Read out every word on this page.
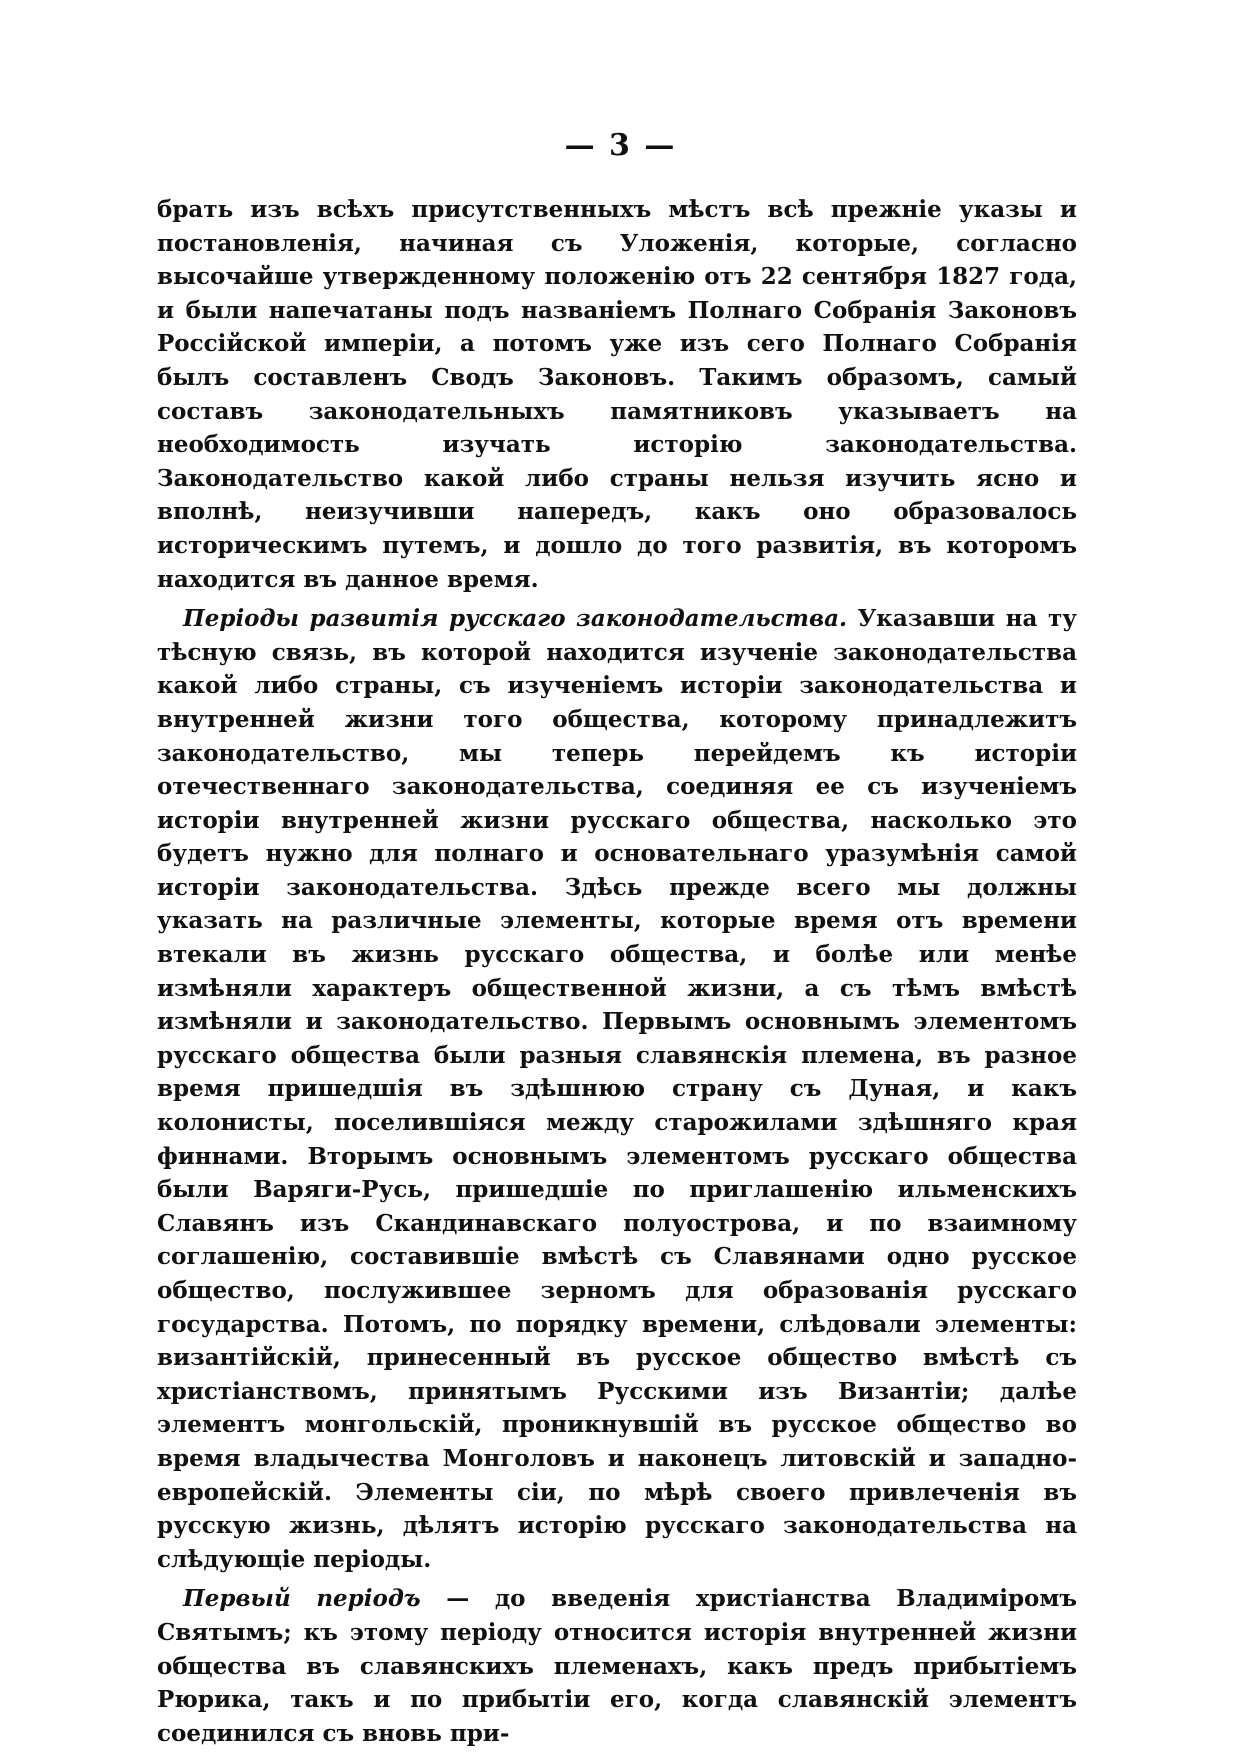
— 3 —

брать изъ всѣхъ присутственныхъ мѣстъ всѣ прежніе указы и постановленія, начиная съ Уложенія, которые, согласно высочайше утвержденному положенію отъ 22 сентября 1827 года, и были напечатаны подъ названіемъ Полнаго Собранія Законовъ Россійской имперіи, а потомъ уже изъ сего Полнаго Собранія былъ составленъ Сводъ Законовъ. Такимъ образомъ, самый составъ законодательныхъ памятниковъ указываетъ на необходимость изучать исторію законодательства. Законодательство какой либо страны нельзя изучить ясно и вполнѣ, неизучивши напередъ, какъ оно образовалось историческимъ путемъ, и дошло до того развитія, въ которомъ находится въ данное время.

Періоды развитія русскаго законодательства. Указавши на ту тѣсную связь, въ которой находится изученіе законодательства какой либо страны, съ изученіемъ исторіи законодательства и внутренней жизни того общества, которому принадлежитъ законодательство, мы теперь перейдемъ къ исторіи отечественнаго законодательства, соединяя ее съ изученіемъ исторіи внутренней жизни русскаго общества, насколько это будетъ нужно для полнаго и основательнаго уразумѣнія самой исторіи законодательства. Здѣсь прежде всего мы должны указать на различные элементы, которые время отъ времени втекали въ жизнь русскаго общества, и болѣе или менѣе измѣняли характеръ общественной жизни, а съ тѣмъ вмѣстѣ измѣняли и законодательство. Первымъ основнымъ элементомъ русскаго общества были разныя славянскія племена, въ разное время пришедшія въ здѣшнюю страну съ Дуная, и какъ колонисты, поселившіяся между старожилами здѣшняго края финнами. Вторымъ основнымъ элементомъ русскаго общества были Варяги-Русь, пришедшіе по приглашенію ильменскихъ Славянъ изъ Скандинавскаго полуострова, и по взаимному соглашенію, составившіе вмѣстѣ съ Славянами одно русское общество, послужившее зерномъ для образованія русскаго государства. Потомъ, по порядку времени, слѣдовали элементы: византійскій, принесенный въ русское общество вмѣстѣ съ христіанствомъ, принятымъ Русскими изъ Византіи; далѣе элементъ монгольскій, проникнувшій въ русское общество во время владычества Монголовъ и наконецъ литовскій и западно-европейскій. Элементы сіи, по мѣрѣ своего привлеченія въ русскую жизнь, дѣлятъ исторію русскаго законодательства на слѣдующіе періоды.

Первый періодъ — до введенія христіанства Владиміромъ Святымъ; къ этому періоду относится исторія внутренней жизни общества въ славянскихъ племенахъ, какъ предъ прибытіемъ Рюрика, такъ и по прибытіи его, когда славянскій элементъ соединился съ вновь при-
